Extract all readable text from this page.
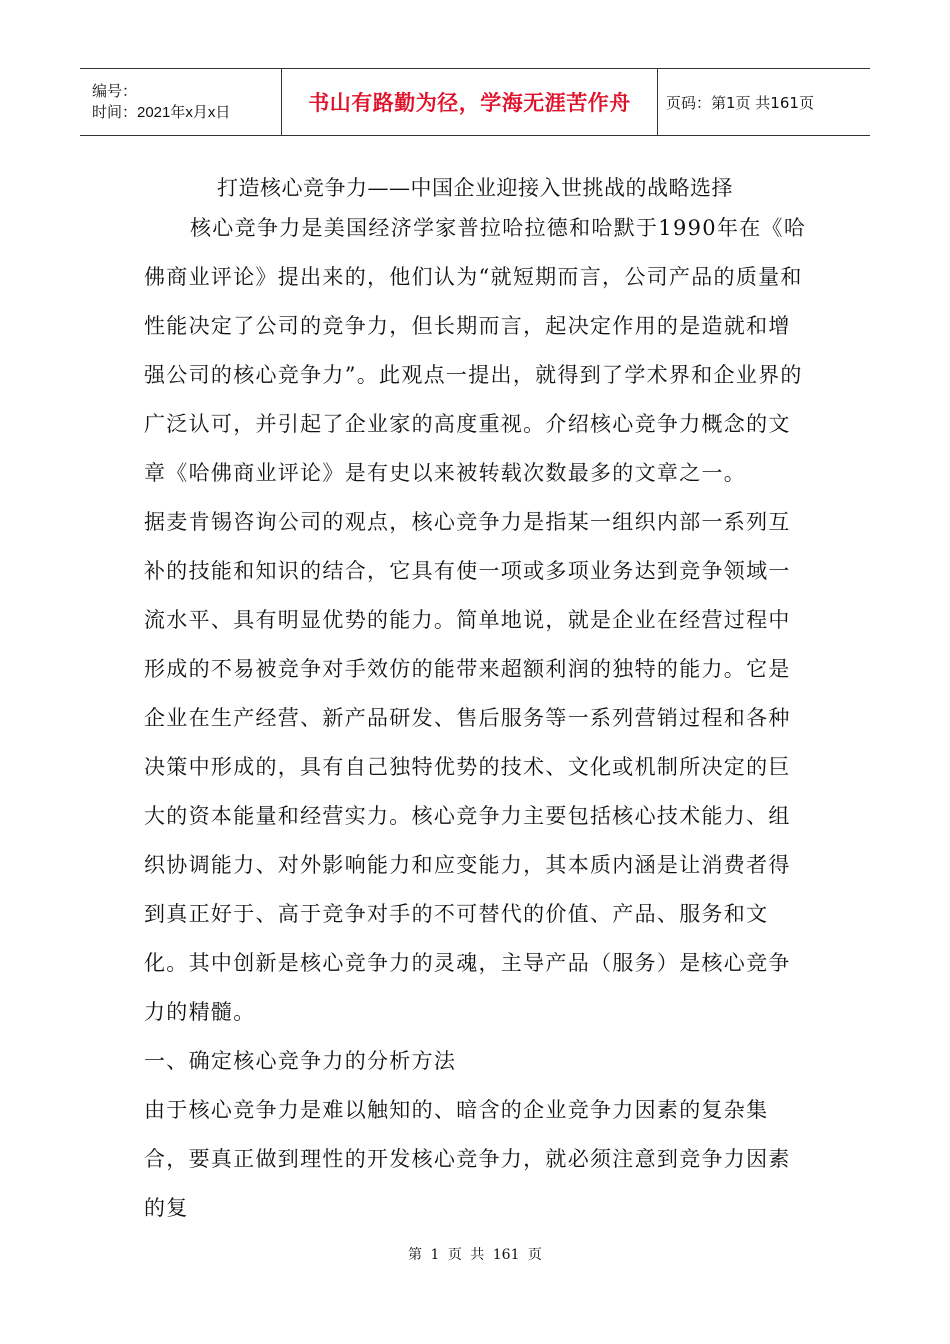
编号：
时间：2021年x月x日	书山有路勤为径，学海无涯苦作舟 页码：第1页 共161页
打造核心竞争力——中国企业迎接入世挑战的战略选择

核心竞争力是美国经济学家普拉哈拉德和哈默于1990年在《哈佛商业评论》提出来的，他们认为“就短期而言，公司产品的质量和性能决定了公司的竞争力，但长期而言，起决定作用的是造就和增强公司的核心竞争力”。此观点一提出，就得到了学术界和企业界的广泛认可，并引起了企业家的高度重视。介绍核心竞争力概念的文章《哈佛商业评论》是有史以来被转载次数最多的文章之一。

据麦肯锡咨询公司的观点，核心竞争力是指某一组织内部一系列互补的技能和知识的结合，它具有使一项或多项业务达到竞争领域一流水平、具有明显优势的能力。简单地说，就是企业在经营过程中形成的不易被竞争对手效仿的能带来超额利润的独特的能力。它是企业在生产经营、新产品研发、售后服务等一系列营销过程和各种决策中形成的，具有自己独特优势的技术、文化或机制所决定的巨大的资本能量和经营实力。核心竞争力主要包括核心技术能力、组织协调能力、对外影响能力和应变能力，其本质内涵是让消费者得到真正好于、高于竞争对手的不可替代的价值、产品、服务和文化。其中创新是核心竞争力的灵魂，主导产品（服务）是核心竞争力的精髓。

一、确定核心竞争力的分析方法

由于核心竞争力是难以触知的、暗含的企业竞争力因素的复杂集合，要真正做到理性的开发核心竞争力，就必须注意到竞争力因素的复

第 1 页 共 161 页
